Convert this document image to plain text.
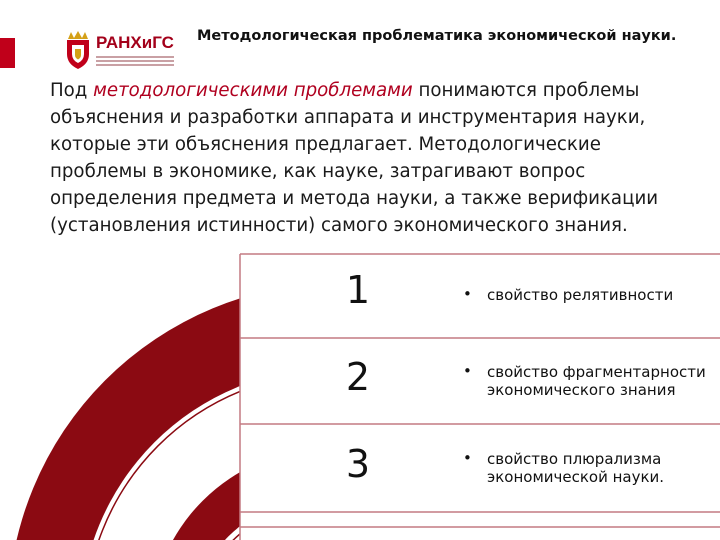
РАНХиГС Методологическая проблематика экономической науки.
Под методологическими проблемами понимаются проблемы
объяснения и разработки аппарата и инструментария науки,
которые эти объяснения предлагает. Методологические
проблемы в экономике, как науке, затрагивают вопрос
определения предмета и метода науки, а также верификации
(установления истинности) самого экономического знания.
1	• свойство релятивности
2	• свойство фрагментарности
экономического знания
3	• свойство плюрализма
экономической науки.
